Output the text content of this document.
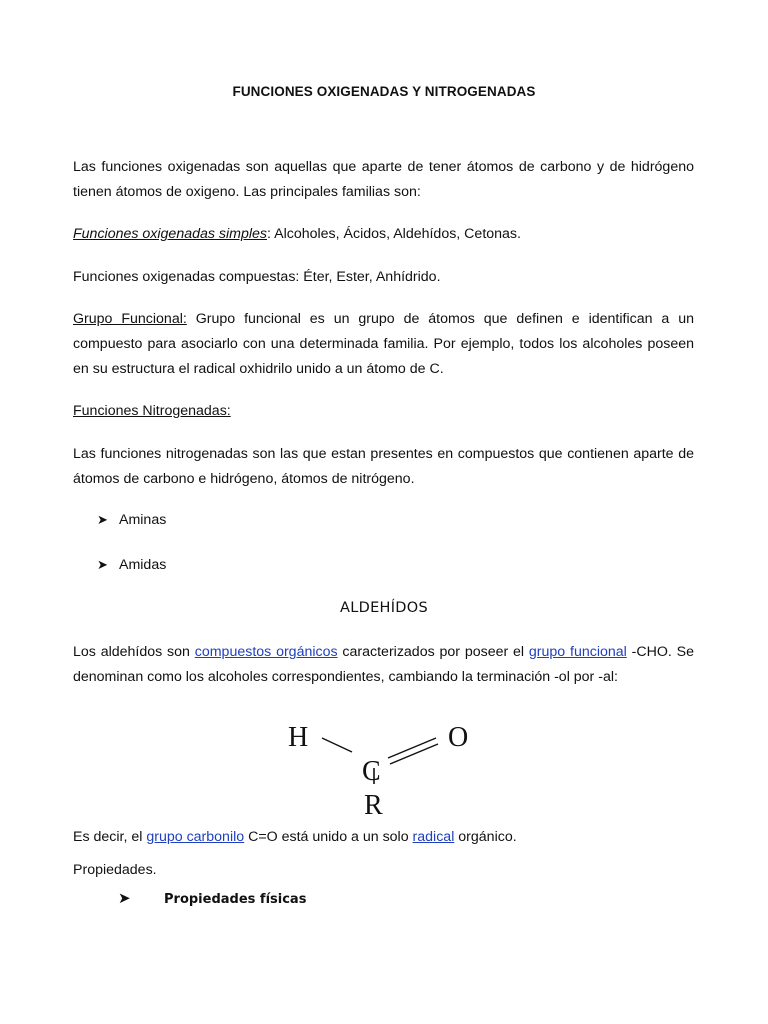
FUNCIONES OXIGENADAS Y NITROGENADAS

Las funciones oxigenadas son aquellas que aparte de tener átomos de carbono y de hidrógeno tienen átomos de oxigeno. Las principales familias son:

Funciones oxigenadas simples: Alcoholes, Ácidos, Aldehídos, Cetonas.

Funciones oxigenadas compuestas: Éter, Ester, Anhídrido.

Grupo Funcional: Grupo funcional es un grupo de átomos que definen e identifican a un compuesto para asociarlo con una determinada familia. Por ejemplo, todos los alcoholes poseen en su estructura el radical oxhidrilo unido a un átomo de C.

Funciones Nitrogenadas:

Las funciones nitrogenadas son las que estan presentes en compuestos que contienen aparte de átomos de carbono e hidrógeno, átomos de nitrógeno.

➤ Aminas
➤ Amidas
ALDEHÍDOS

Los aldehídos son compuestos orgánicos caracterizados por poseer el grupo funcional -CHO. Se denominan como los alcoholes correspondientes, cambiando la terminación -ol por -al:

H
C
O
R

Es decir, el grupo carbonilo C=O está unido a un solo radical orgánico.

Propiedades.

➤	Propiedades físicas
